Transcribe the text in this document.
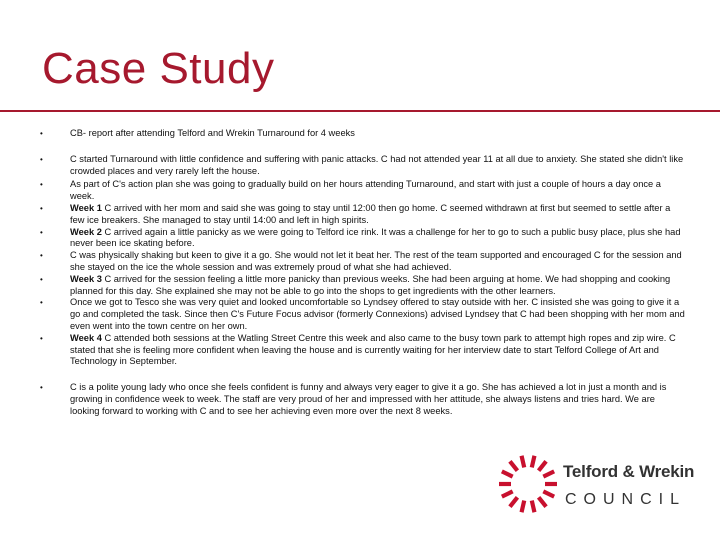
Case Study
• CB- report after attending Telford and Wrekin Turnaround for 4 weeks
• C started Turnaround with little confidence and suffering with panic attacks. C had not attended year 11 at all due to anxiety. She stated she didn't like crowded places and very rarely left the house.
• As part of C's action plan she was going to gradually build on her hours attending Turnaround, and start with just a couple of hours a day once a week.
• Week 1 C arrived with her mom and said she was going to stay until 12:00 then go home. C seemed withdrawn at first but seemed to settle after a few ice breakers. She managed to stay until 14:00 and left in high spirits.
• Week 2 C arrived again a little panicky as we were going to Telford ice rink. It was a challenge for her to go to such a public busy place, plus she had never been ice skating before.
• C was physically shaking but keen to give it a go. She would not let it beat her. The rest of the team supported and encouraged C for the session and she stayed on the ice the whole session and was extremely proud of what she had achieved.
• Week 3 C arrived for the session feeling a little more panicky than previous weeks. She had been arguing at home. We had shopping and cooking planned for this day. She explained she may not be able to go into the shops to get ingredients with the other learners.
• Once we got to Tesco she was very quiet and looked uncomfortable so Lyndsey offered to stay outside with her. C insisted she was going to give it a go and completed the task. Since then C's Future Focus advisor (formerly Connexions) advised Lyndsey that C had been shopping with her mom and even went into the town centre on her own.
• Week 4 C attended both sessions at the Watling Street Centre this week and also came to the busy town park to attempt high ropes and zip wire. C stated that she is feeling more confident when leaving the house and is currently waiting for her interview date to start Telford College of Art and Technology in September.
• C is a polite young lady who once she feels confident is funny and always very eager to give it a go. She has achieved a lot in just a month and is growing in confidence week to week. The staff are very proud of her and impressed with her attitude, she always listens and tries hard. We are looking forward to working with C and to see her achieving even more over the next 8 weeks.
Telford & Wrekin
COUNCIL
